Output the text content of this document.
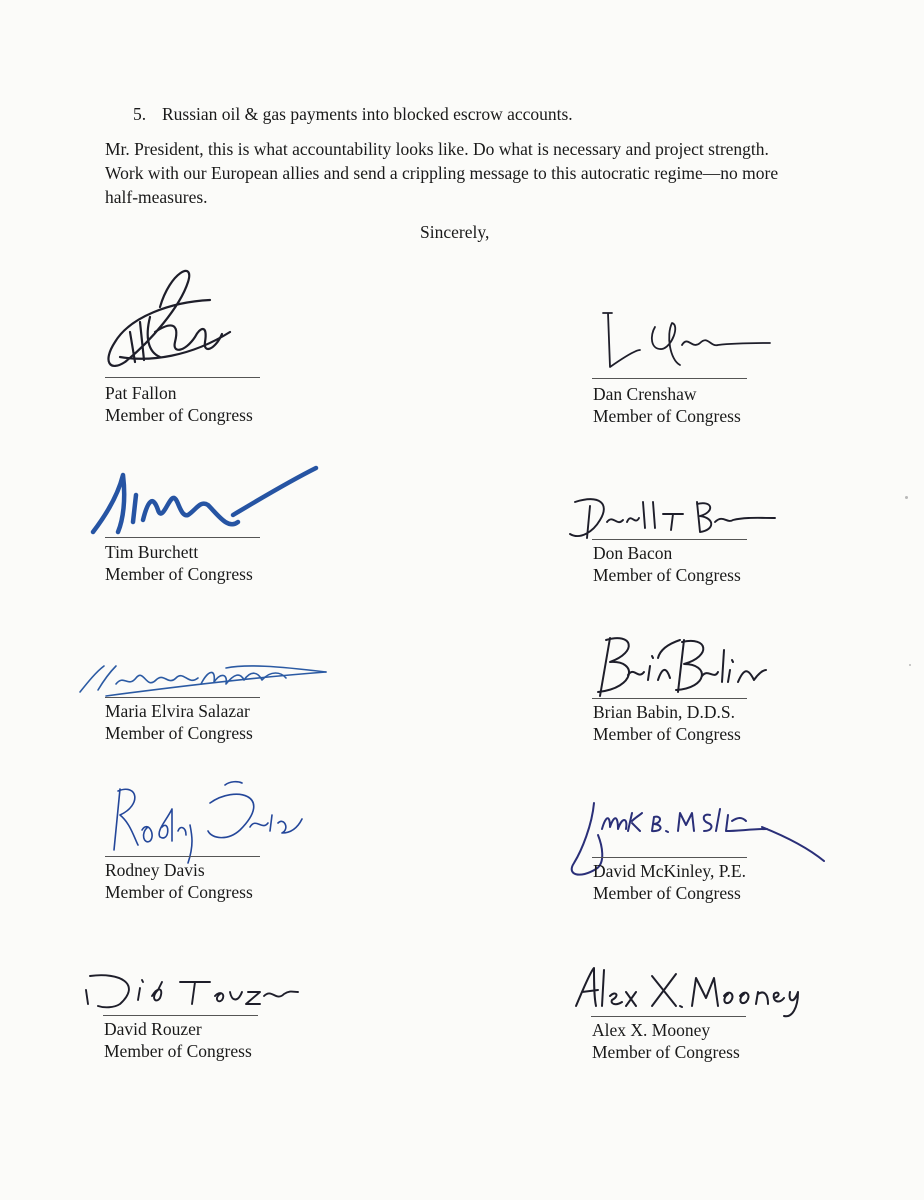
5. Russian oil & gas payments into blocked escrow accounts.
Mr. President, this is what accountability looks like. Do what is necessary and project strength.
Work with our European allies and send a crippling message to this autocratic regime—no more
half-measures.
Sincerely,
Pat Fallon
Member of Congress
Dan Crenshaw
Member of Congress
Tim Burchett
Member of Congress
Don Bacon
Member of Congress
Maria Elvira Salazar
Member of Congress
Brian Babin, D.D.S.
Member of Congress
Rodney Davis
Member of Congress
David McKinley, P.E.
Member of Congress
David Rouzer
Member of Congress
Alex X. Mooney
Member of Congress
